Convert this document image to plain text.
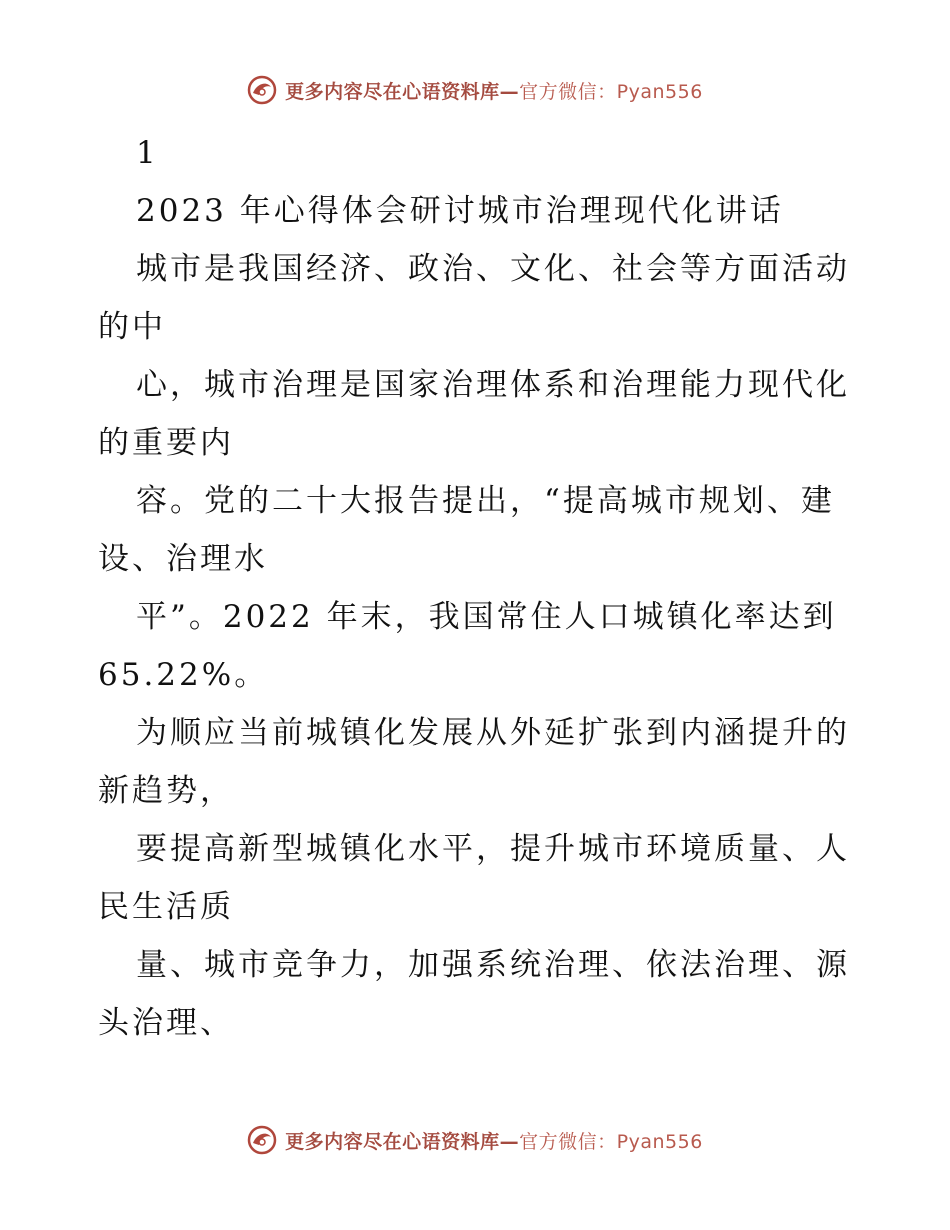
更多内容尽在心语资料库—官方微信：Pyan556
1
2023 年心得体会研讨城市治理现代化讲话
城市是我国经济、政治、文化、社会等方面活动
的中
心，城市治理是国家治理体系和治理能力现代化
的重要内
容。党的二十大报告提出，“提高城市规划、建
设、治理水
平”。2022 年末，我国常住人口城镇化率达到
65.22%。
为顺应当前城镇化发展从外延扩张到内涵提升的
新趋势，
要提高新型城镇化水平，提升城市环境质量、人
民生活质
量、城市竞争力，加强系统治理、依法治理、源
头治理、
更多内容尽在心语资料库—官方微信：Pyan556
